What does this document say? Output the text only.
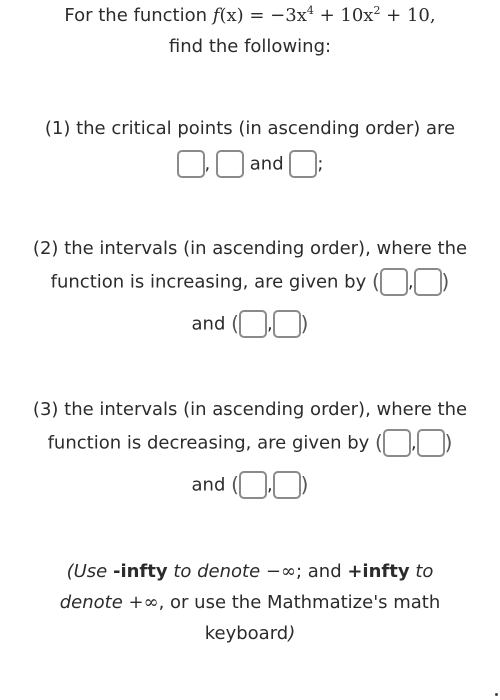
For the function $f(x) = -3x^4 + 10x^2 + 10$,
find the following:
(1) the critical points (in ascending order) are
, and ;
(2) the intervals (in ascending order), where the
function is increasing, are given by ( , )
and ( , )
(3) the intervals (in ascending order), where the
function is decreasing, are given by ( , )
and ( , )
(Use -infty to denote −∞; and +infty to
denote +∞, or use the Mathmatize's math
keyboard)
